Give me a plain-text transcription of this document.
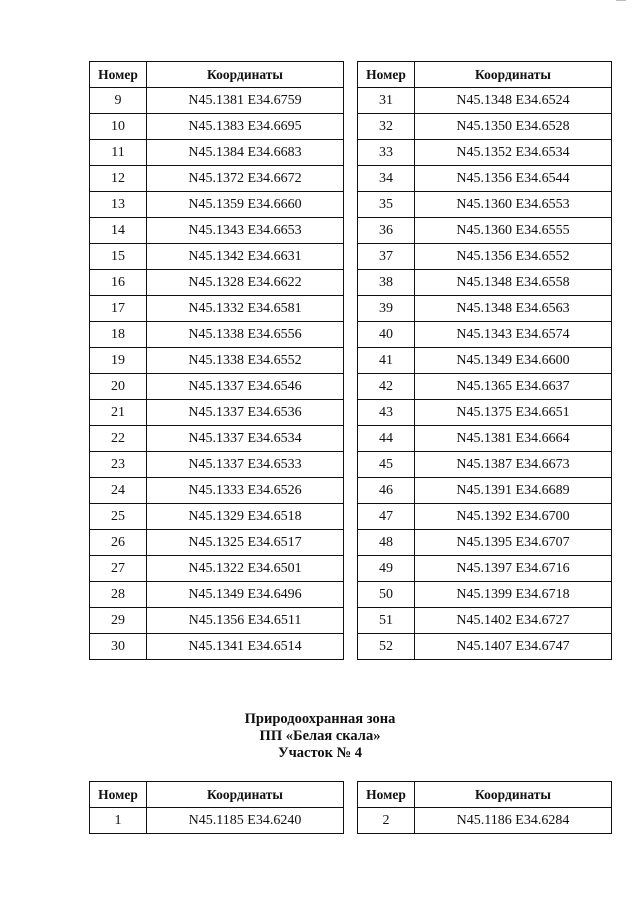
Номер	Координаты
9	N45.1381 E34.6759
10	N45.1383 E34.6695
11	N45.1384 E34.6683
12	N45.1372 E34.6672
13	N45.1359 E34.6660
14	N45.1343 E34.6653
15	N45.1342 E34.6631
16	N45.1328 E34.6622
17	N45.1332 E34.6581
18	N45.1338 E34.6556
19	N45.1338 E34.6552
20	N45.1337 E34.6546
21	N45.1337 E34.6536
22	N45.1337 E34.6534
23	N45.1337 E34.6533
24	N45.1333 E34.6526
25	N45.1329 E34.6518
26	N45.1325 E34.6517
27	N45.1322 E34.6501
28	N45.1349 E34.6496
29	N45.1356 E34.6511
30	N45.1341 E34.6514
Номер	Координаты
31	N45.1348 E34.6524
32	N45.1350 E34.6528
33	N45.1352 E34.6534
34	N45.1356 E34.6544
35	N45.1360 E34.6553
36	N45.1360 E34.6555
37	N45.1356 E34.6552
38	N45.1348 E34.6558
39	N45.1348 E34.6563
40	N45.1343 E34.6574
41	N45.1349 E34.6600
42	N45.1365 E34.6637
43	N45.1375 E34.6651
44	N45.1381 E34.6664
45	N45.1387 E34.6673
46	N45.1391 E34.6689
47	N45.1392 E34.6700
48	N45.1395 E34.6707
49	N45.1397 E34.6716
50	N45.1399 E34.6718
51	N45.1402 E34.6727
52	N45.1407 E34.6747
Природоохранная зона
ПП «Белая скала»
Участок № 4
Номер	Координаты
1	N45.1185 E34.6240
Номер	Координаты
2	N45.1186 E34.6284
